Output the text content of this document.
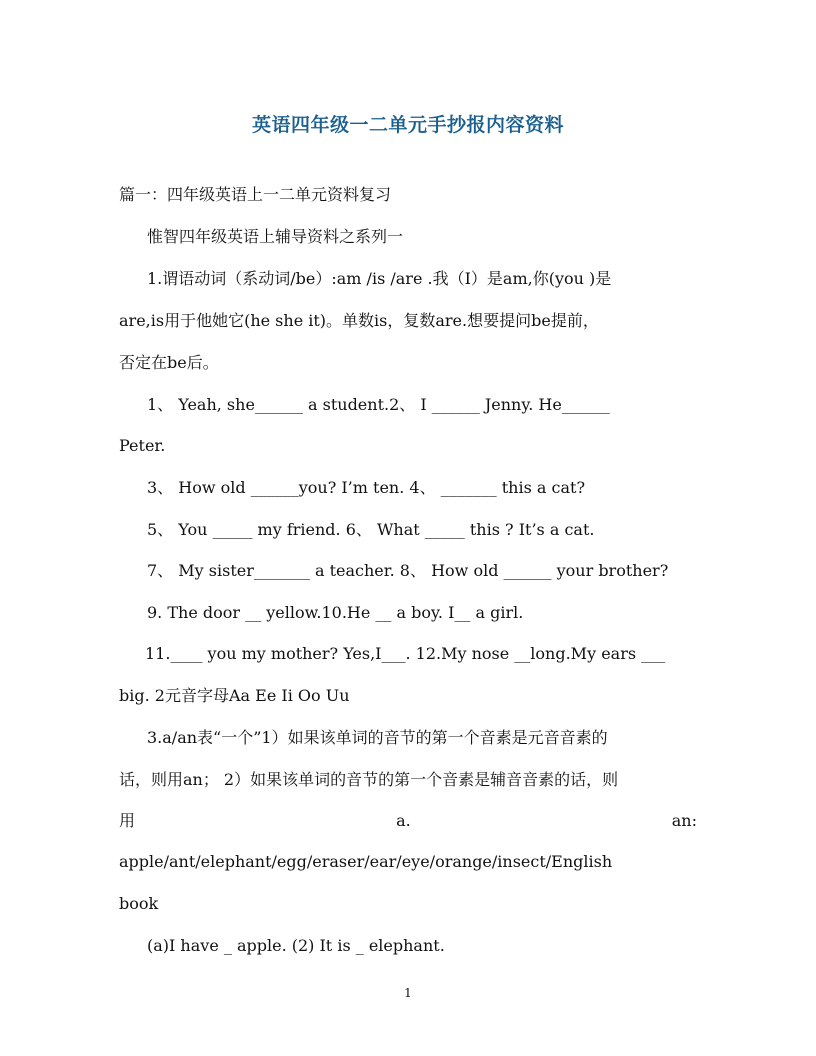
英语四年级一二单元手抄报内容资料
篇一：四年级英语上一二单元资料复习
惟智四年级英语上辅导资料之系列一
1.谓语动词（系动词/be）:am /is /are .我（I）是am,你(you )是
are,is用于他她它(he she it)。单数is，复数are.想要提问be提前，
否定在be后。
1、 Yeah, she______ a student.2、 I ______ Jenny. He______
Peter.
3、 How old ______you? I’m ten. 4、 _______ this a cat?
5、 You _____ my friend. 6、 What _____ this ? It’s a cat.
7、 My sister_______ a teacher. 8、 How old ______ your brother?
9. The door __ yellow.10.He __ a boy. I__ a girl.
11.____ you my mother? Yes,I___. 12.My nose __long.My ears ___
big. 2元音字母Aa Ee Ii Oo Uu
3.a/an表“一个”1）如果该单词的音节的第一个音素是元音音素的
话，则用an； 2）如果该单词的音节的第一个音素是辅音音素的话，则
用	a.	an:
apple/ant/elephant/egg/eraser/ear/eye/orange/insect/English
book
(a)I have _ apple. (2) It is _ elephant.
1
